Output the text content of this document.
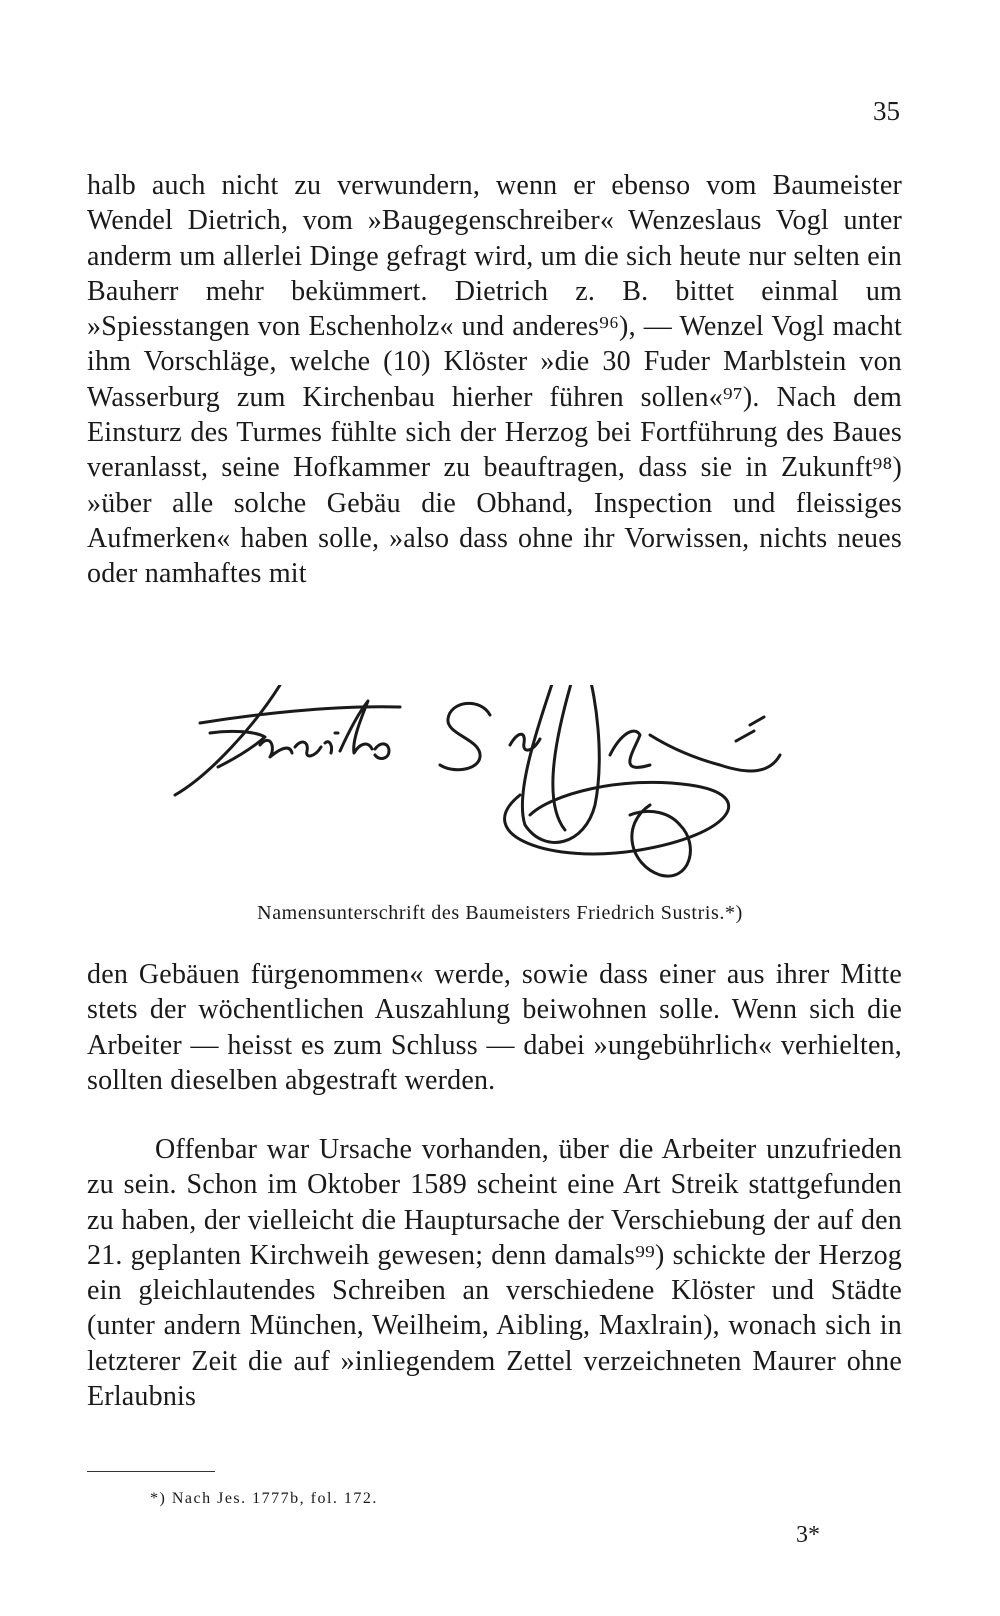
35

halb auch nicht zu verwundern, wenn er ebenso vom Baumeister Wendel Dietrich, vom »Baugegenschreiber« Wenzeslaus Vogl unter anderm um allerlei Dinge gefragt wird, um die sich heute nur selten ein Bauherr mehr bekümmert. Dietrich z. B. bittet einmal um »Spiesstangen von Eschenholz« und anderes⁹⁶), — Wenzel Vogl macht ihm Vorschläge, welche (10) Klöster »die 30 Fuder Marblstein von Wasserburg zum Kirchenbau hierher führen sollen«⁹⁷). Nach dem Einsturz des Turmes fühlte sich der Herzog bei Fortführung des Baues veranlasst, seine Hofkammer zu beauftragen, dass sie in Zukunft⁹⁸) »über alle solche Gebäu die Obhand, Inspection und fleissiges Aufmerken« haben solle, »also dass ohne ihr Vorwissen, nichts neues oder namhaftes mit

Namensunterschrift des Baumeisters Friedrich Sustris.*)

den Gebäuen fürgenommen« werde, sowie dass einer aus ihrer Mitte stets der wöchentlichen Auszahlung beiwohnen solle. Wenn sich die Arbeiter — heisst es zum Schluss — dabei »ungebührlich« verhielten, sollten dieselben abgestraft werden.

Offenbar war Ursache vorhanden, über die Arbeiter unzufrieden zu sein. Schon im Oktober 1589 scheint eine Art Streik stattgefunden zu haben, der vielleicht die Hauptursache der Verschiebung der auf den 21. geplanten Kirchweih gewesen; denn damals⁹⁹) schickte der Herzog ein gleichlautendes Schreiben an verschiedene Klöster und Städte (unter andern München, Weilheim, Aibling, Maxlrain), wonach sich in letzterer Zeit die auf »inliegendem Zettel verzeichneten Maurer ohne Erlaubnis

*) Nach Jes. 1777b, fol. 172.
3*
